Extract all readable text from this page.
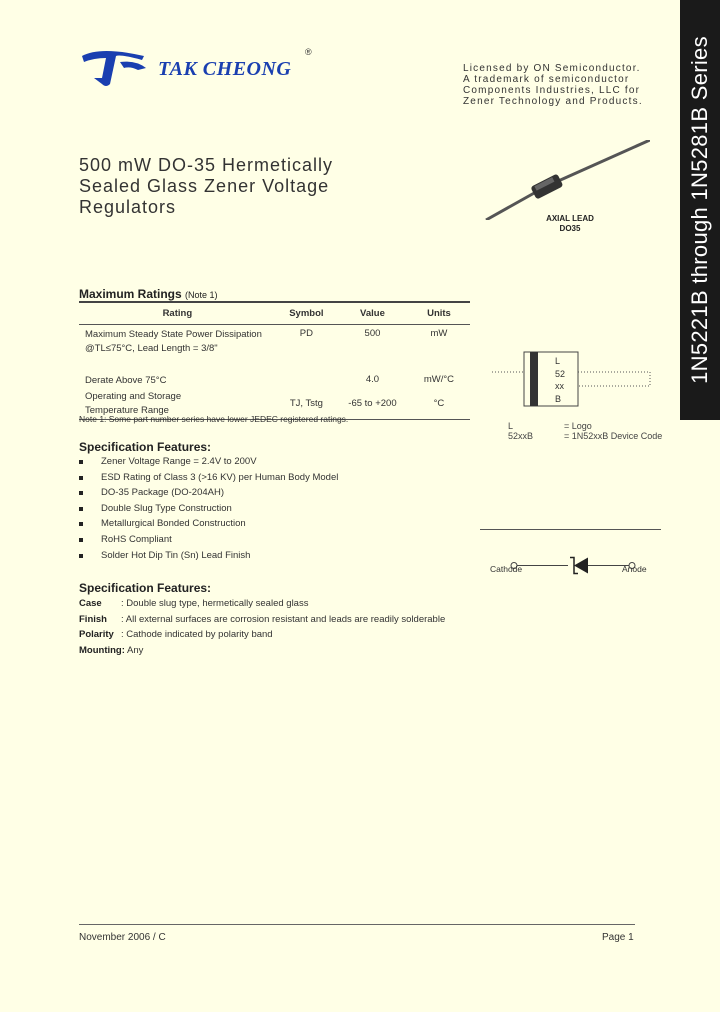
TAK CHEONG
®
Licensed by ON Semiconductor.
A trademark of semiconductor
Components Industries, LLC for
Zener Technology and Products.	1N5221B through 1N5281B Series
500 mW DO-35 Hermetically
Sealed Glass Zener Voltage
Regulators
AXIAL LEAD
DO35
Maximum Ratings (Note 1)
Rating	Symbol	Value	Units

Maximum Steady State Power Dissipation
@TL≤75°C, Lead Length = 3/8"	PD	500	mW
Derate Above 75°C		4.0	mW/°C

Operating and Storage
Temperature Range	TJ, Tstg	-65 to +200	°C
Note 1: Some part number series have lower JEDEC registered ratings.
L
52
xx
B
L	= Logo
52xxB	= 1N52xxB Device Code
Cathode	Anode
Specification Features:
Zener Voltage Range = 2.4V to 200V
ESD Rating of Class 3 (>16 KV) per Human Body Model
DO-35 Package (DO-204AH)
Double Slug Type Construction
Metallurgical Bonded Construction
RoHS Compliant
Solder Hot Dip Tin (Sn) Lead Finish
Specification Features:
Case : Double slug type, hermetically sealed glass
Finish : All external surfaces are corrosion resistant and leads are readily solderable
Polarity : Cathode indicated by polarity band
Mounting: Any
November 2006 / C	Page 1
